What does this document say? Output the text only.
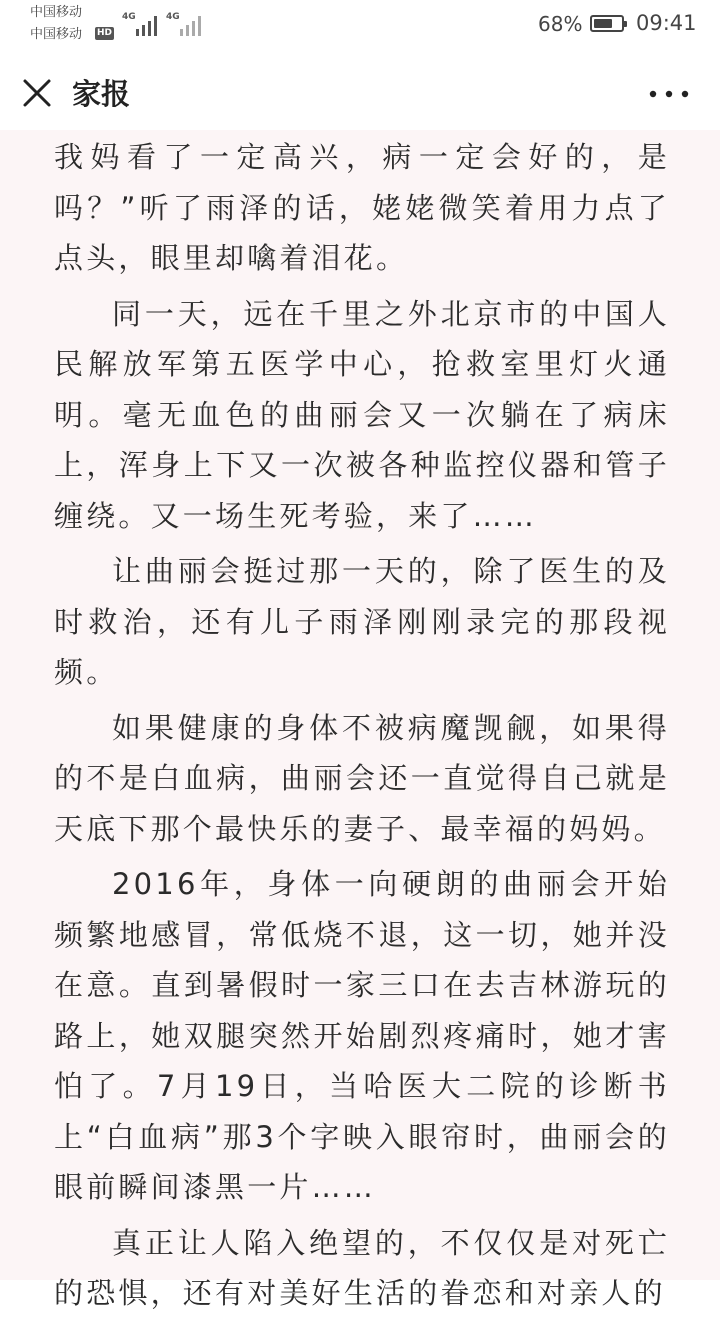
中国移动
中国移动 HD
4G	4G	68%	09:41
家报

我妈看了一定高兴，病一定会好的，是吗？”听了雨泽的话，姥姥微笑着用力点了点头，眼里却噙着泪花。

同一天，远在千里之外北京市的中国人民解放军第五医学中心，抢救室里灯火通明。毫无血色的曲丽会又一次躺在了病床上，浑身上下又一次被各种监控仪器和管子缠绕。又一场生死考验，来了……

让曲丽会挺过那一天的，除了医生的及时救治，还有儿子雨泽刚刚录完的那段视频。

如果健康的身体不被病魔觊觎，如果得的不是白血病，曲丽会还一直觉得自己就是天底下那个最快乐的妻子、最幸福的妈妈。

2016年，身体一向硬朗的曲丽会开始频繁地感冒，常低烧不退，这一切，她并没在意。直到暑假时一家三口在去吉林游玩的路上，她双腿突然开始剧烈疼痛时，她才害怕了。7月19日，当哈医大二院的诊断书上“白血病”那3个字映入眼帘时，曲丽会的眼前瞬间漆黑一片……

真正让人陷入绝望的，不仅仅是对死亡的恐惧，还有对美好生活的眷恋和对亲人的
